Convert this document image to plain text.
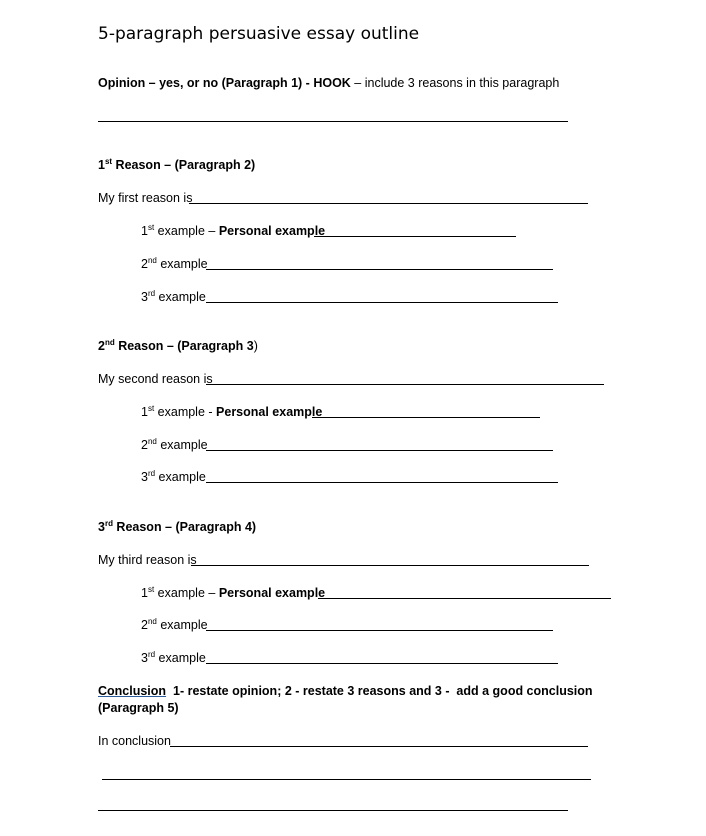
5-paragraph persuasive essay outline
Opinion – yes, or no (Paragraph 1) - HOOK – include 3 reasons in this paragraph
1st Reason – (Paragraph 2)
My first reason is
1st example – Personal example
2nd example
3rd example
2nd Reason – (Paragraph 3)
My second reason is
1st example - Personal example
2nd example
3rd example
3rd Reason – (Paragraph 4)
My third reason is
1st example – Personal example
2nd example
3rd example
Conclusion  1- restate opinion; 2 - restate 3 reasons and 3 -  add a good conclusion
(Paragraph 5)
In conclusion
